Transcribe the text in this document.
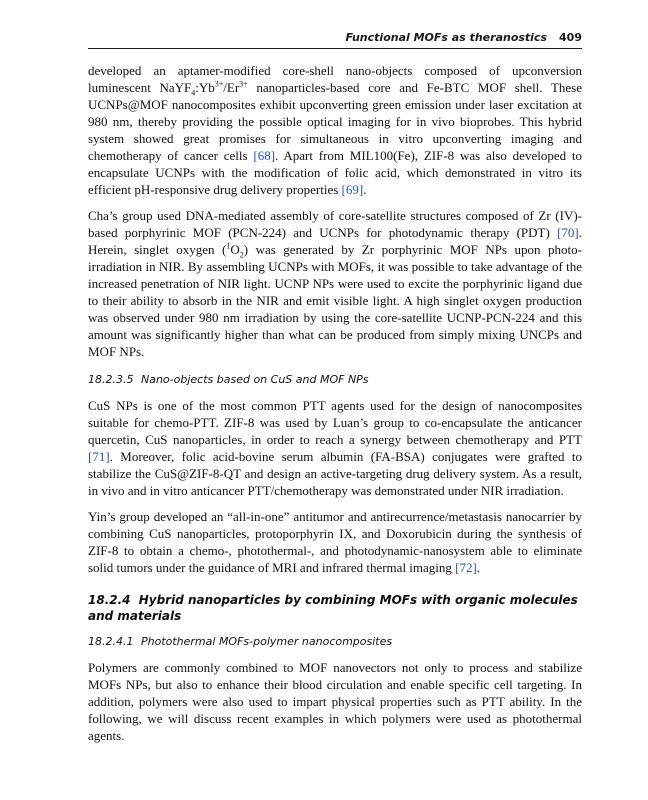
Functional MOFs as theranostics 409

developed an aptamer-modified core-shell nano-objects composed of upconversion luminescent $NaYF_4:Yb^{3+}/Er^{3+}$ nanoparticles-based core and Fe-BTC MOF shell. These UCNPs@MOF nanocomposites exhibit upconverting green emission under laser excitation at 980 nm, thereby providing the possible optical imaging for in vivo bioprobes. This hybrid system showed great promises for simultaneous in vitro upconverting imaging and chemotherapy of cancer cells [68]. Apart from MIL100(Fe), ZIF-8 was also developed to encapsulate UCNPs with the modification of folic acid, which demonstrated in vitro its efficient pH-responsive drug delivery properties [69].

Cha’s group used DNA-mediated assembly of core-satellite structures composed of Zr (IV)-based porphyrinic MOF (PCN-224) and UCNPs for photodynamic therapy (PDT) [70]. Herein, singlet oxygen $(^1O_2)$ was generated by Zr porphyrinic MOF NPs upon photo-irradiation in NIR. By assembling UCNPs with MOFs, it was possible to take advantage of the increased penetration of NIR light. UCNP NPs were used to excite the porphyrinic ligand due to their ability to absorb in the NIR and emit visible light. A high singlet oxygen production was observed under 980 nm irradiation by using the core-satellite UCNP-PCN-224 and this amount was significantly higher than what can be produced from simply mixing UNCPs and MOF NPs.

18.2.3.5 Nano-objects based on CuS and MOF NPs

CuS NPs is one of the most common PTT agents used for the design of nanocomposites suitable for chemo-PTT. ZIF-8 was used by Luan’s group to co-encapsulate the anticancer quercetin, CuS nanoparticles, in order to reach a synergy between chemotherapy and PTT [71]. Moreover, folic acid-bovine serum albumin (FA-BSA) conjugates were grafted to stabilize the CuS@ZIF-8-QT and design an active-targeting drug delivery system. As a result, in vivo and in vitro anticancer PTT/chemotherapy was demonstrated under NIR irradiation.

Yin’s group developed an “all-in-one” antitumor and antirecurrence/metastasis nanocarrier by combining CuS nanoparticles, protoporphyrin IX, and Doxorubicin during the synthesis of ZIF-8 to obtain a chemo-, photothermal-, and photodynamic-nanosystem able to eliminate solid tumors under the guidance of MRI and infrared thermal imaging [72].

18.2.4 Hybrid nanoparticles by combining MOFs with organic molecules and materials
18.2.4.1 Photothermal MOFs-polymer nanocomposites

Polymers are commonly combined to MOF nanovectors not only to process and stabilize MOFs NPs, but also to enhance their blood circulation and enable specific cell targeting. In addition, polymers were also used to impart physical properties such as PTT ability. In the following, we will discuss recent examples in which polymers were used as photothermal agents.
